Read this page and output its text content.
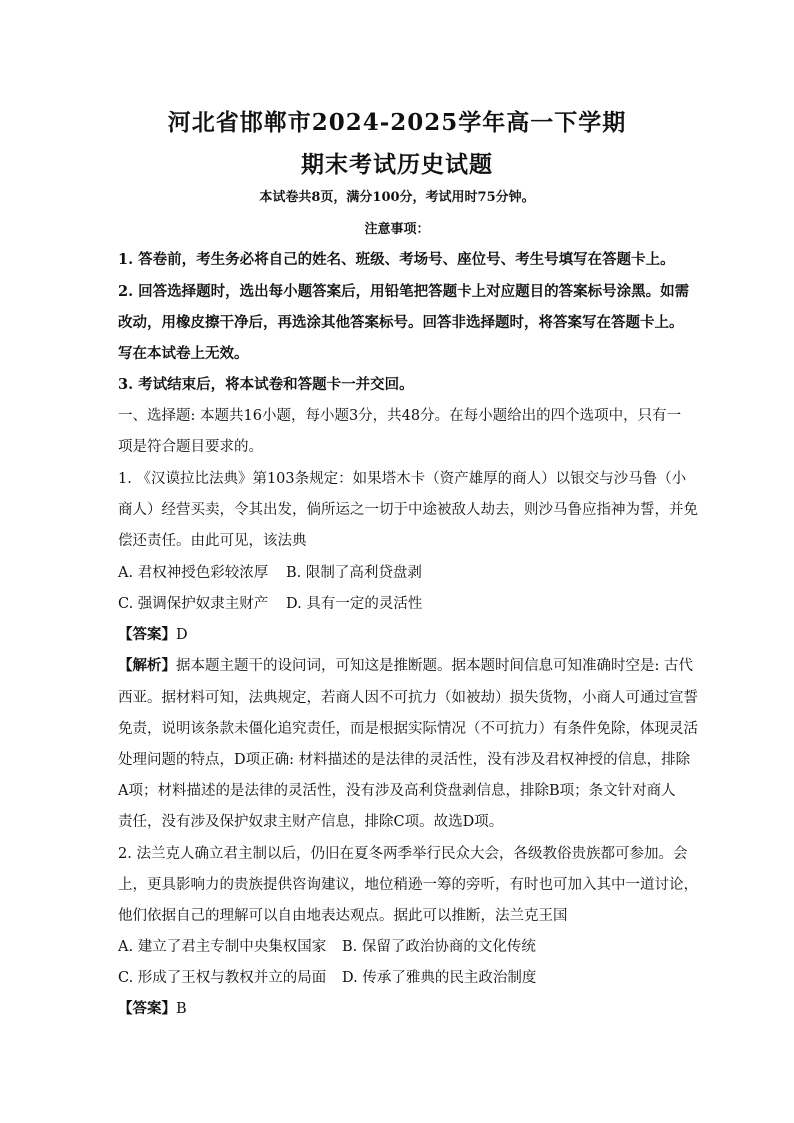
河北省邯郸市2024-2025学年高一下学期
期末考试历史试题
本试卷共8页，满分100分，考试用时75分钟。
注意事项：
1. 答卷前，考生务必将自己的姓名、班级、考场号、座位号、考生号填写在答题卡上。
2. 回答选择题时，选出每小题答案后，用铅笔把答题卡上对应题目的答案标号涂黑。如需
改动，用橡皮擦干净后，再选涂其他答案标号。回答非选择题时，将答案写在答题卡上。
写在本试卷上无效。
3. 考试结束后，将本试卷和答题卡一并交回。
一、选择题: 本题共16小题，每小题3分，共48分。在每小题给出的四个选项中，只有一
项是符合题目要求的。
1. 《汉谟拉比法典》第103条规定：如果塔木卡（资产雄厚的商人）以银交与沙马鲁（小
商人）经营买卖，令其出发，倘所运之一切于中途被敌人劫去，则沙马鲁应指神为誓，并免
偿还责任。由此可见，该法典
A. 君权神授色彩较浓厚 B. 限制了高利贷盘剥
C. 强调保护奴隶主财产 D. 具有一定的灵活性
【答案】D
【解析】据本题主题干的设问词，可知这是推断题。据本题时间信息可知准确时空是: 古代
西亚。据材料可知，法典规定，若商人因不可抗力（如被劫）损失货物，小商人可通过宣誓
免责，说明该条款未僵化追究责任，而是根据实际情况（不可抗力）有条件免除，体现灵活
处理问题的特点，D项正确: 材料描述的是法律的灵活性，没有涉及君权神授的信息，排除
A项；材料描述的是法律的灵活性，没有涉及高利贷盘剥信息，排除B项；条文针对商人
责任，没有涉及保护奴隶主财产信息，排除C项。故选D项。
2. 法兰克人确立君主制以后，仍旧在夏冬两季举行民众大会，各级教俗贵族都可参加。会
上，更具影响力的贵族提供咨询建议，地位稍逊一筹的旁听，有时也可加入其中一道讨论，
他们依据自己的理解可以自由地表达观点。据此可以推断，法兰克王国
A. 建立了君主专制中央集权国家 B. 保留了政治协商的文化传统
C. 形成了王权与教权并立的局面 D. 传承了雅典的民主政治制度
【答案】B
